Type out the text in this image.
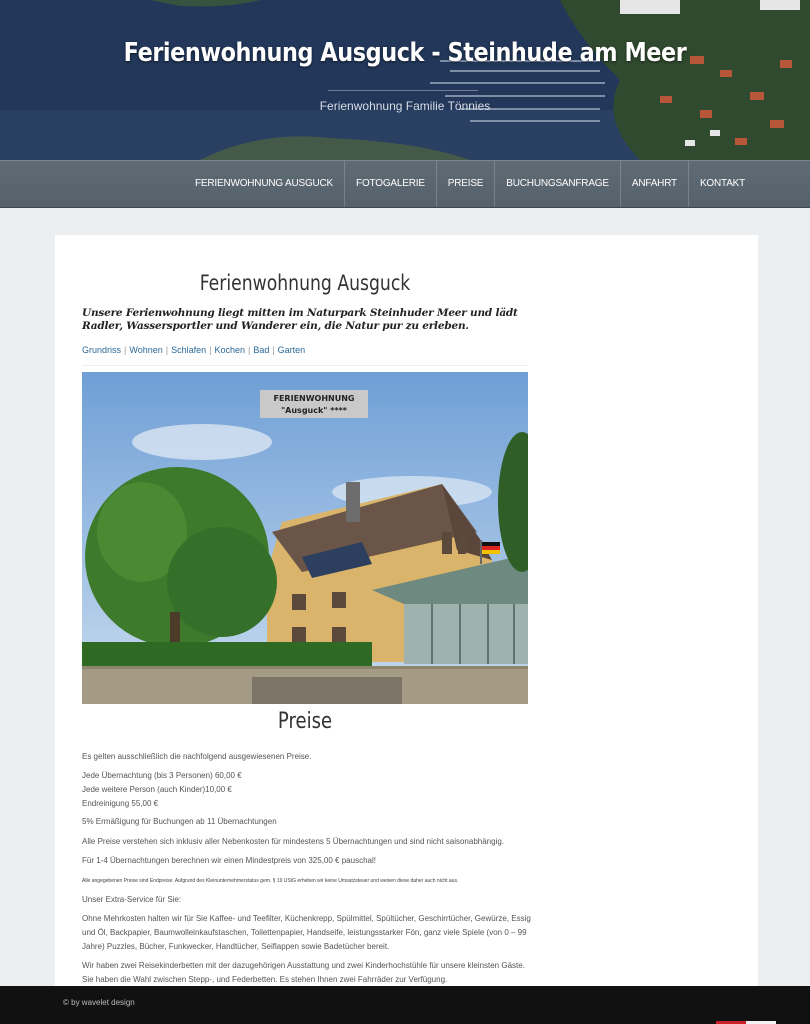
Ferienwohnung Ausguck - Steinhude am Meer
Ferienwohnung Familie Tönnies
FERIENWOHNUNG AUSGUCK	FOTOGALERIE	PREISE	BUCHUNGSANFRAGE	ANFAHRT	KONTAKT
Ferienwohnung Ausguck
Unsere Ferienwohnung liegt mitten im Naturpark Steinhuder Meer und lädt Radler, Wassersportler und Wanderer ein, die Natur pur zu erleben.
Grundriss | Wohnen | Schlafen | Kochen | Bad | Garten
FERIENWOHNUNG
"Ausguck" ****
Preise
Es gelten ausschließlich die nachfolgend ausgewiesenen Preise.
Jede Übernachtung (bis 3 Personen) 60,00 €
Jede weitere Person (auch Kinder)10,00 €
Endreinigung 55,00 €
5% Ermäßigung für Buchungen ab 11 Übernachtungen
Alle Preise verstehen sich inklusiv aller Nebenkosten für mindestens 5 Übernachtungen und sind nicht saisonabhängig.
Für 1-4 Übernachtungen berechnen wir einen Mindestpreis von 325,00 € pauschal!
Alle angegebenen Preise sind Endpreise. Aufgrund des Kleinunternehmerstatus gem. § 19 UStG erheben wir keine Umsatzsteuer und weisen diese daher auch nicht aus.
Unser Extra-Service für Sie:
Ohne Mehrkosten halten wir für Sie Kaffee- und Teefilter, Küchenkrepp, Spülmittel, Spültücher, Geschirrtücher, Gewürze, Essig und Öl, Backpapier, Baumwolleinkaufstaschen, Toilettenpapier, Handseife, leistungsstarker Fön, ganz viele Spiele (von 0 – 99 Jahre) Puzzles, Bücher, Funkwecker, Handtücher, Seiflappen sowie Badetücher bereit.
Wir haben zwei Reisekinderbetten mit der dazugehörigen Ausstattung und zwei Kinderhochstühle für unsere kleinsten Gäste. Sie haben die Wahl zwischen Stepp-, und Federbetten. Es stehen Ihnen zwei Fahrräder zur Verfügung.
© by wavelet design
